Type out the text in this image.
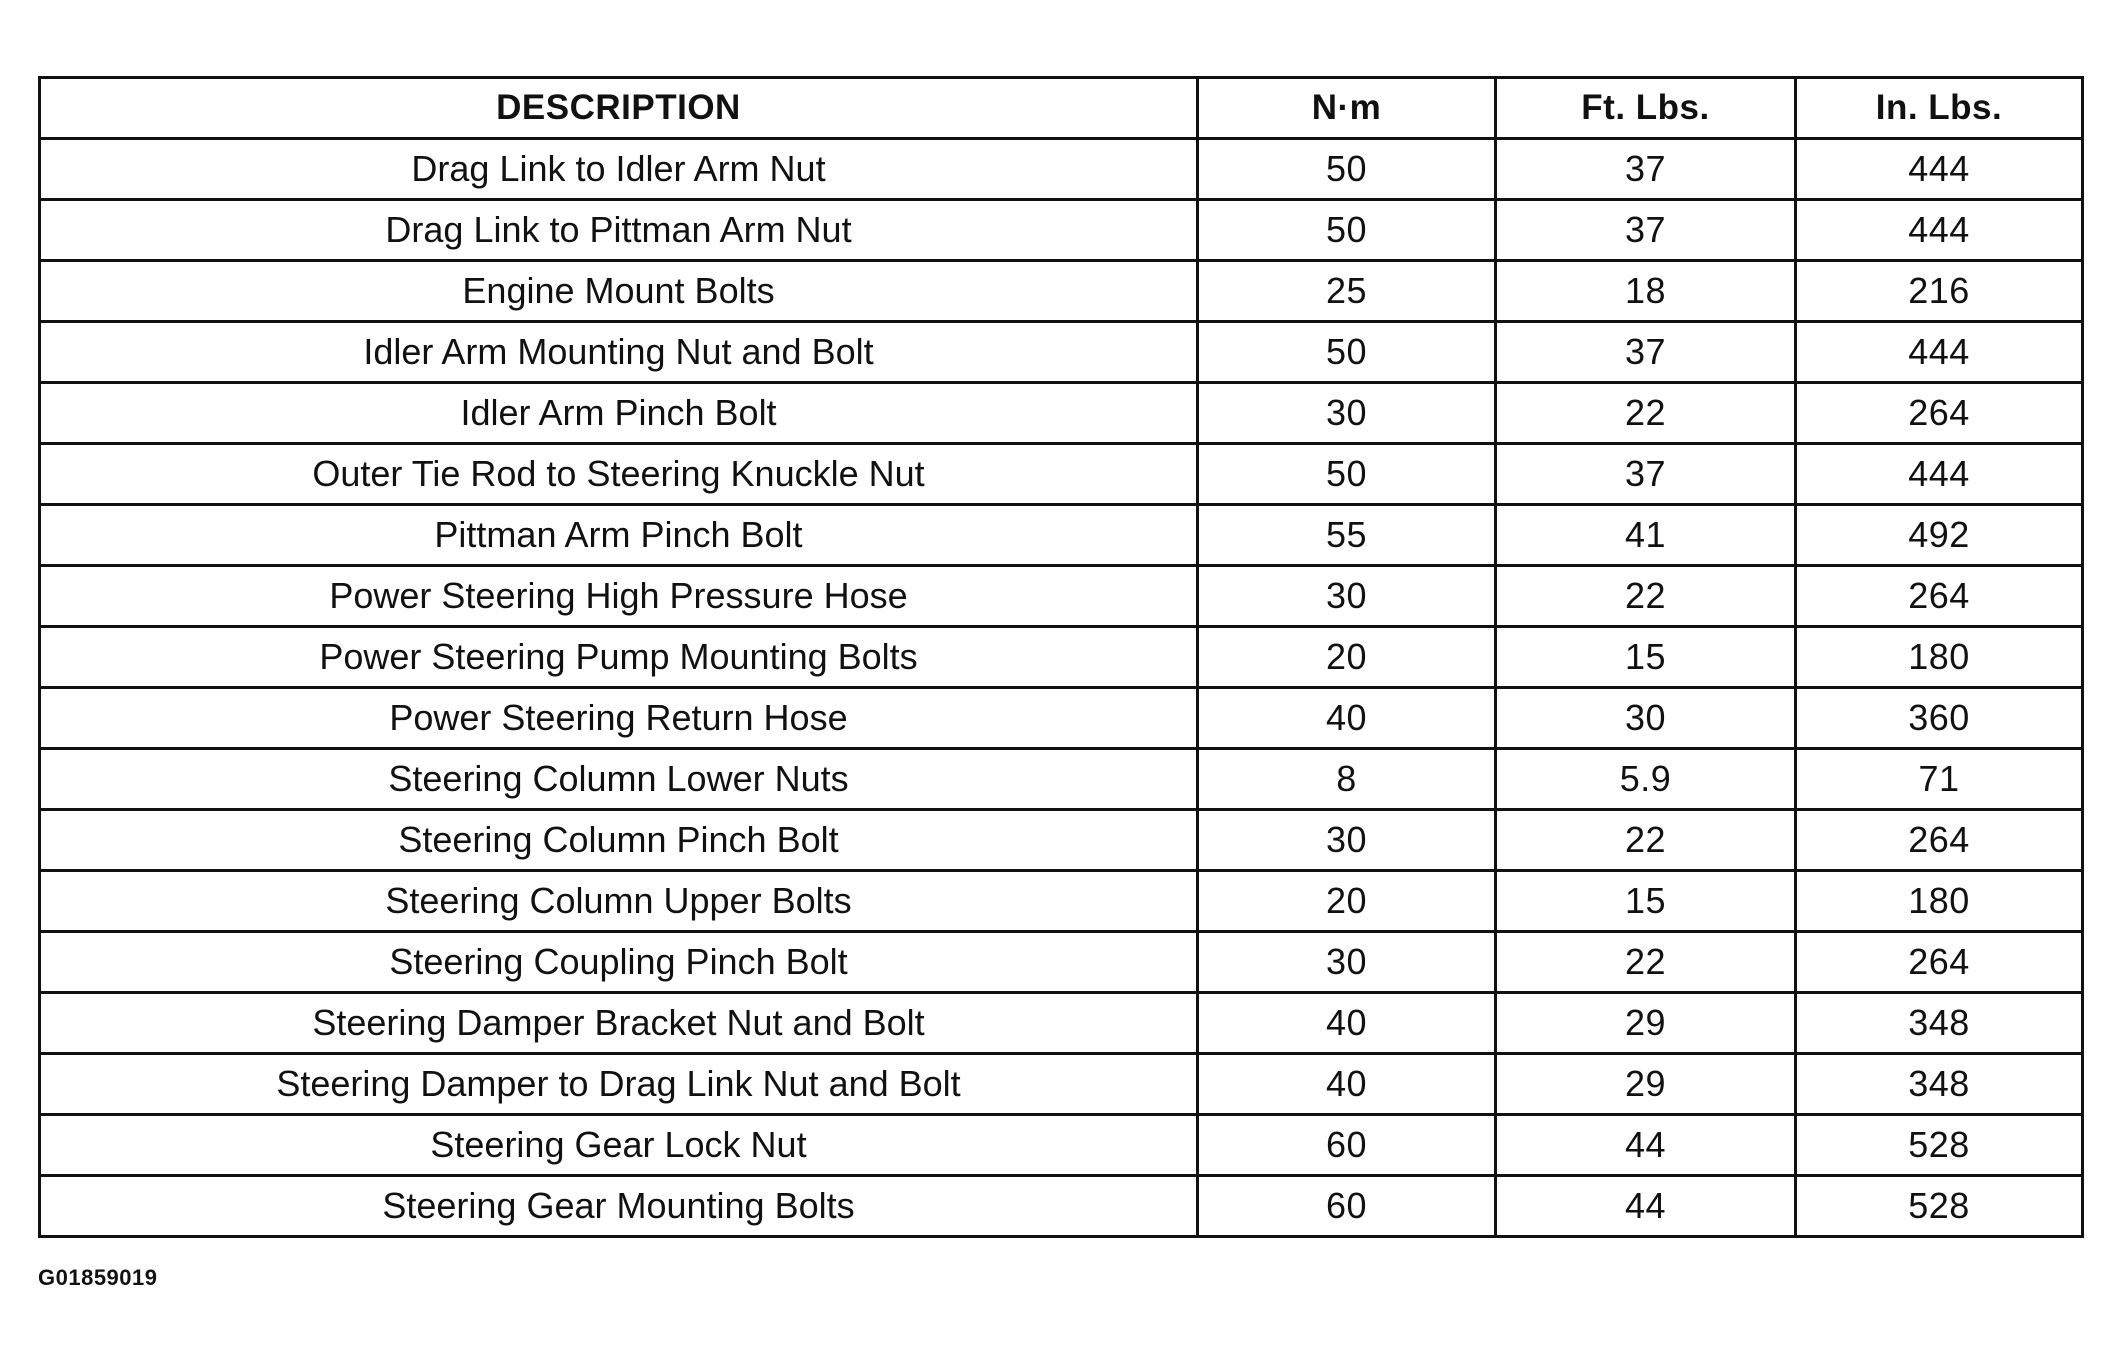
DESCRIPTION	N·m	Ft. Lbs.	In. Lbs.
Drag Link to Idler Arm Nut	50	37	444
Drag Link to Pittman Arm Nut	50	37	444
Engine Mount Bolts	25	18	216
Idler Arm Mounting Nut and Bolt	50	37	444
Idler Arm Pinch Bolt	30	22	264
Outer Tie Rod to Steering Knuckle Nut	50	37	444
Pittman Arm Pinch Bolt	55	41	492
Power Steering High Pressure Hose	30	22	264
Power Steering Pump Mounting Bolts	20	15	180
Power Steering Return Hose	40	30	360
Steering Column Lower Nuts	8	5.9	71
Steering Column Pinch Bolt	30	22	264
Steering Column Upper Bolts	20	15	180
Steering Coupling Pinch Bolt	30	22	264
Steering Damper Bracket Nut and Bolt	40	29	348
Steering Damper to Drag Link Nut and Bolt	40	29	348
Steering Gear Lock Nut	60	44	528
Steering Gear Mounting Bolts	60	44	528
G01859019
